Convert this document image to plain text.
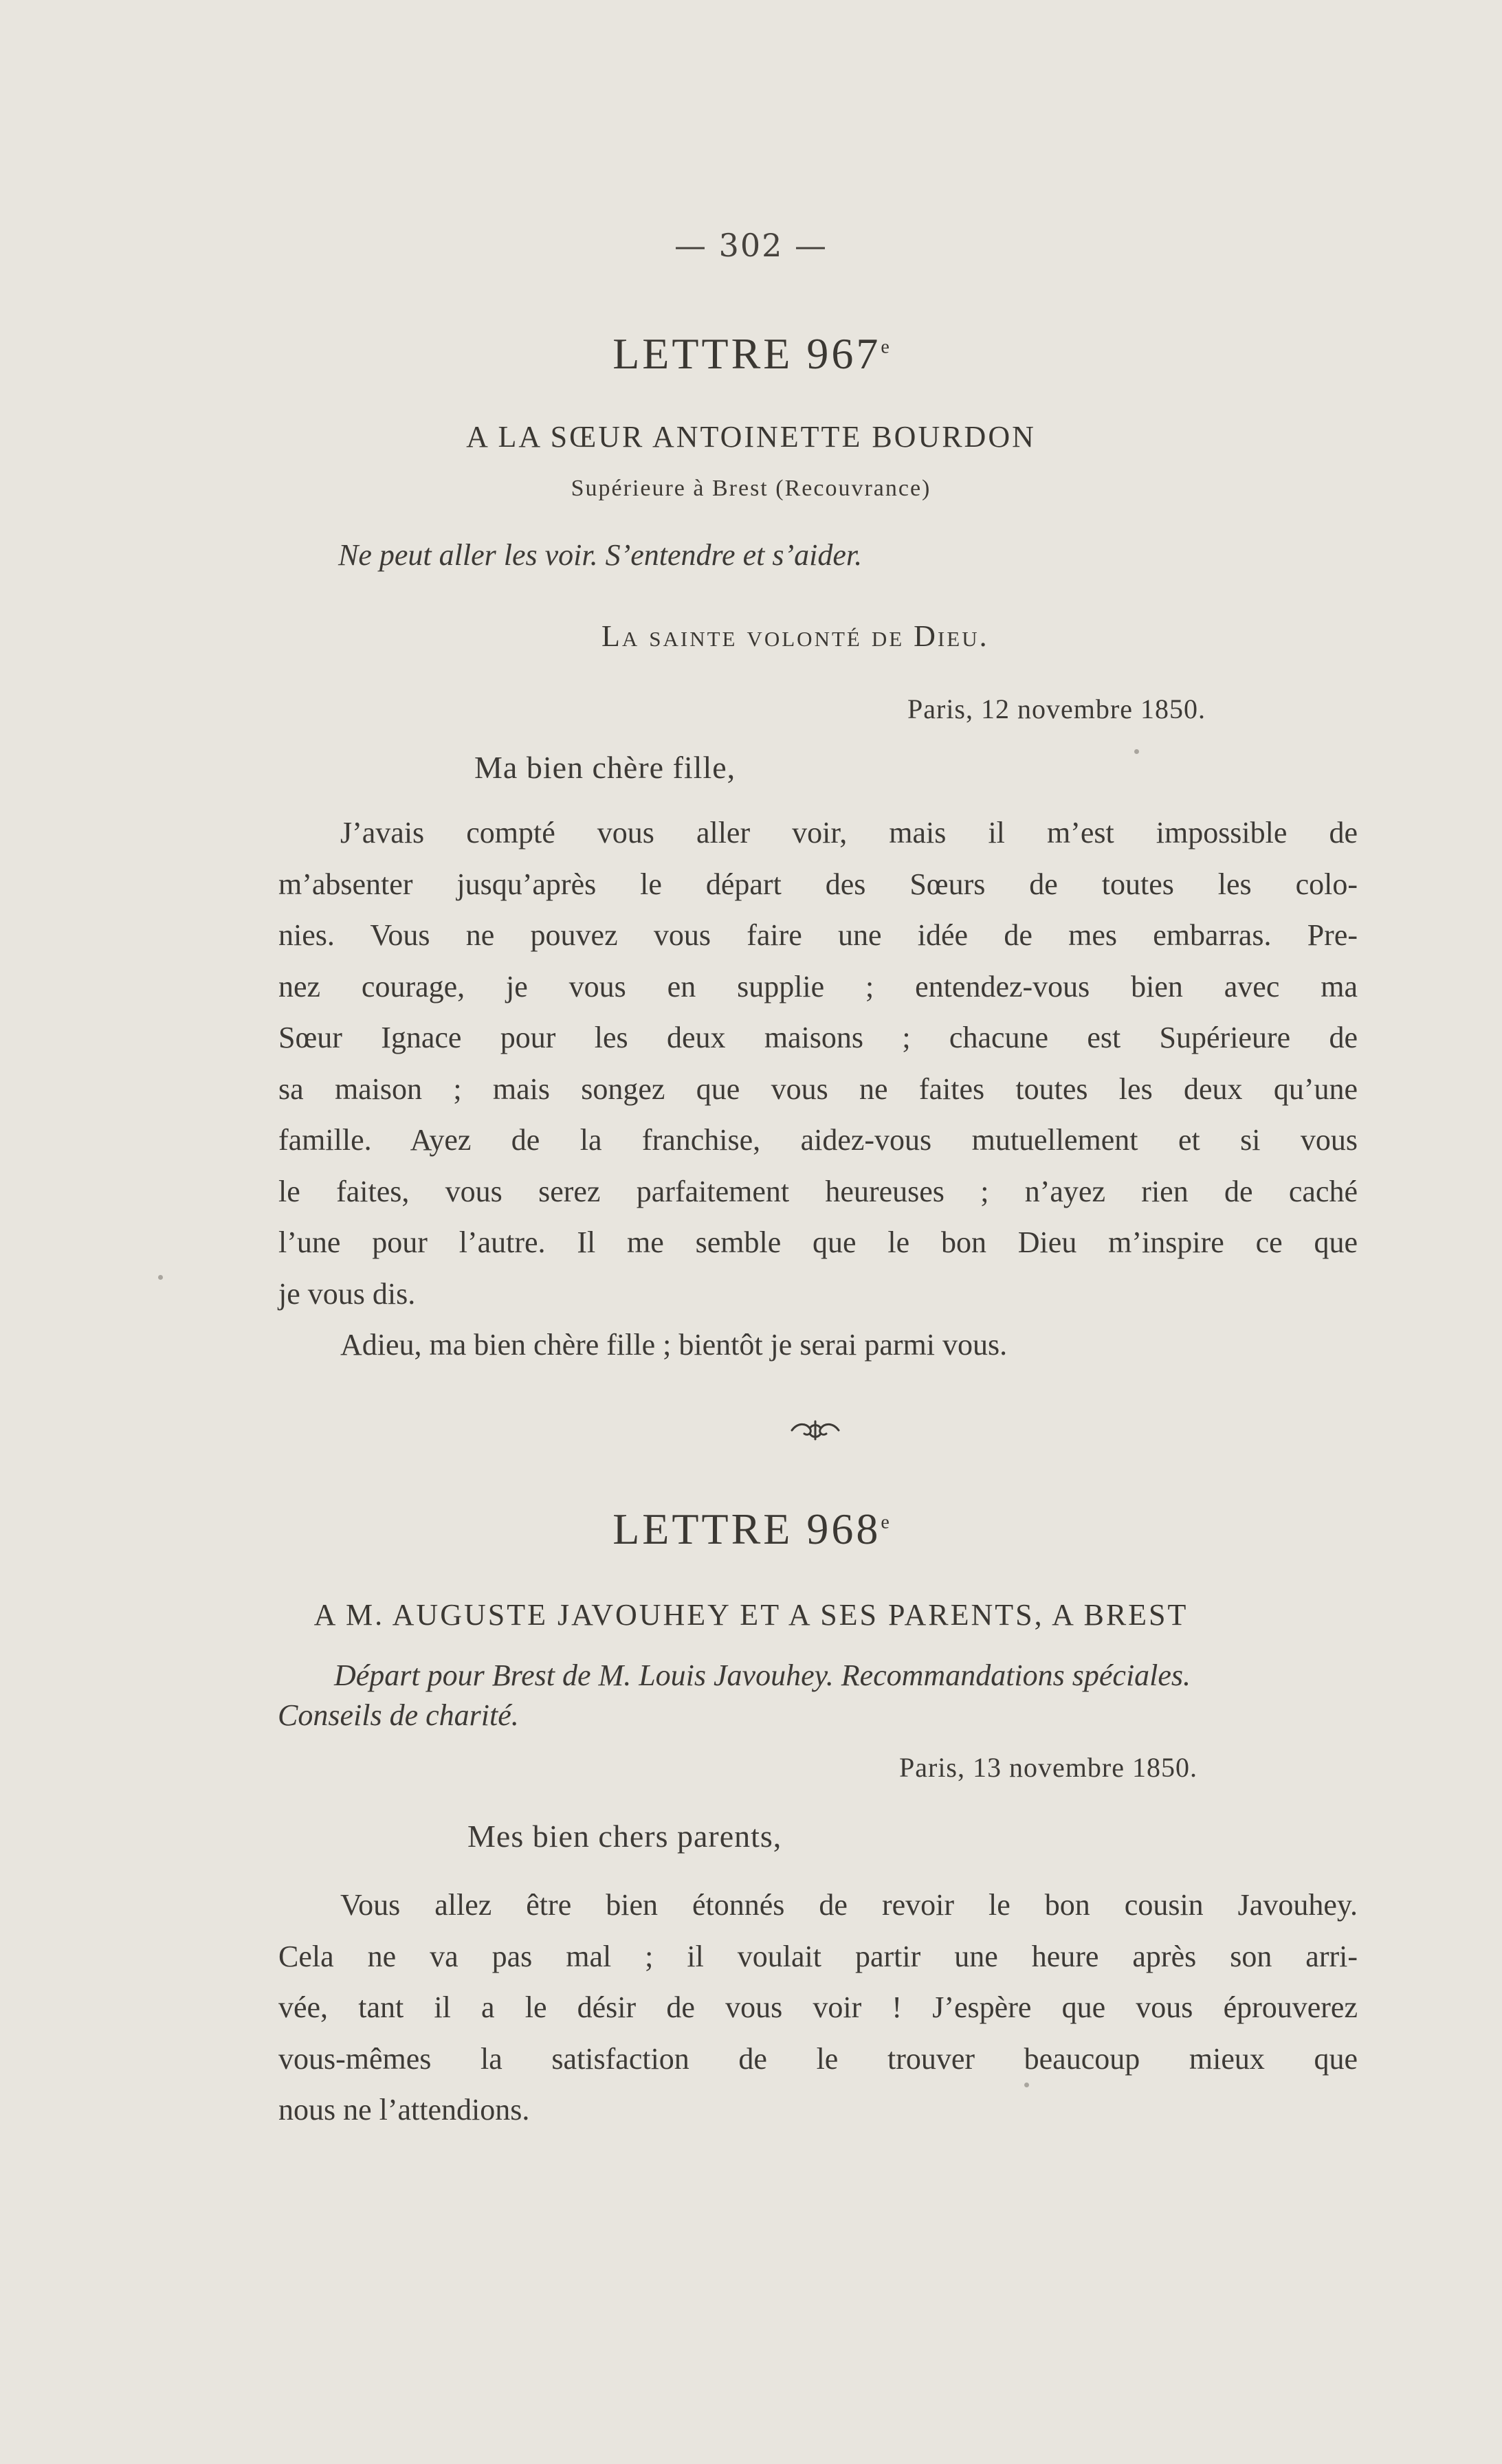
— 302 —
LETTRE 967e
A LA SŒUR ANTOINETTE BOURDON
Supérieure à Brest (Recouvrance)
Ne peut aller les voir. S’entendre et s’aider.
La sainte volonté de Dieu.
Paris, 12 novembre 1850.
Ma bien chère fille,
J’avais compté vous aller voir, mais il m’est impossible de
m’absenter jusqu’après le départ des Sœurs de toutes les colo-
nies. Vous ne pouvez vous faire une idée de mes embarras. Pre-
nez courage, je vous en supplie ; entendez-vous bien avec ma
Sœur Ignace pour les deux maisons ; chacune est Supérieure de
sa maison ; mais songez que vous ne faites toutes les deux qu’une
famille. Ayez de la franchise, aidez-vous mutuellement et si vous
le faites, vous serez parfaitement heureuses ; n’ayez rien de caché
l’une pour l’autre. Il me semble que le bon Dieu m’inspire ce que
je vous dis.
Adieu, ma bien chère fille ; bientôt je serai parmi vous.
LETTRE 968e
A M. AUGUSTE JAVOUHEY ET A SES PARENTS, A BREST
Départ pour Brest de M. Louis Javouhey. Recommandations spéciales.
Conseils de charité.
Paris, 13 novembre 1850.
Mes bien chers parents,
Vous allez être bien étonnés de revoir le bon cousin Javouhey.
Cela ne va pas mal ; il voulait partir une heure après son arri-
vée, tant il a le désir de vous voir ! J’espère que vous éprouverez
vous-mêmes la satisfaction de le trouver beaucoup mieux que
nous ne l’attendions.
